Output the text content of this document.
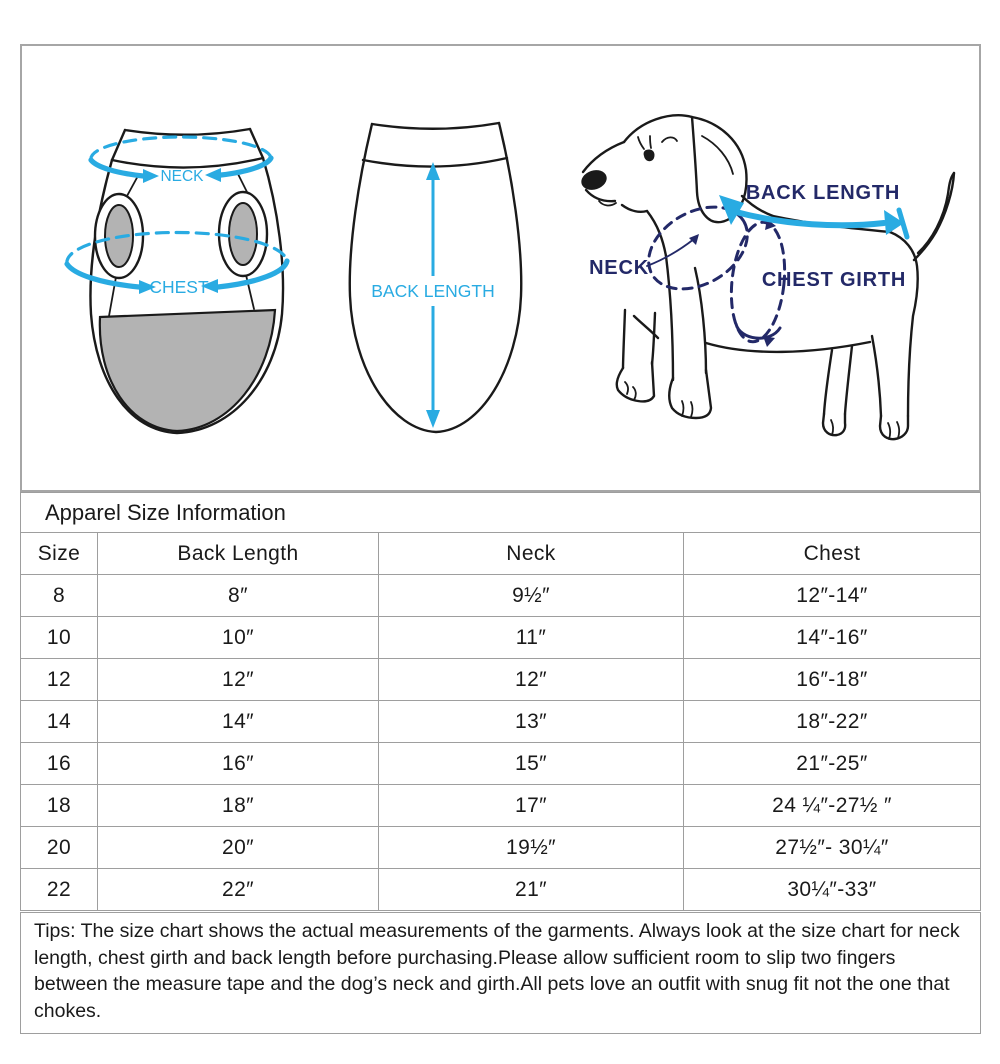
NECK
CHEST	BACK LENGTH
BACK LENGTH
NECK
CHEST GIRTH
Apparel Size Information
Size	Back Length	Neck	Chest
8	8″	9½″	12″-14″
10	10″	11″	14″-16″
12	12″	12″	16″-18″
14	14″	13″	18″-22″
16	16″	15″	21″-25″
18	18″	17″	24 ¼″-27½ ″
20	20″	19½″	27½″- 30¼″
22	22″	21″	30¼″-33″
Tips: The size chart shows the actual measurements of the garments. Always look at the size chart for neck length, chest girth and back length before purchasing.Please allow sufficient room to slip two fingers between the measure tape and the dog’s neck and girth.All pets love an outfit with snug fit not the one that chokes.
